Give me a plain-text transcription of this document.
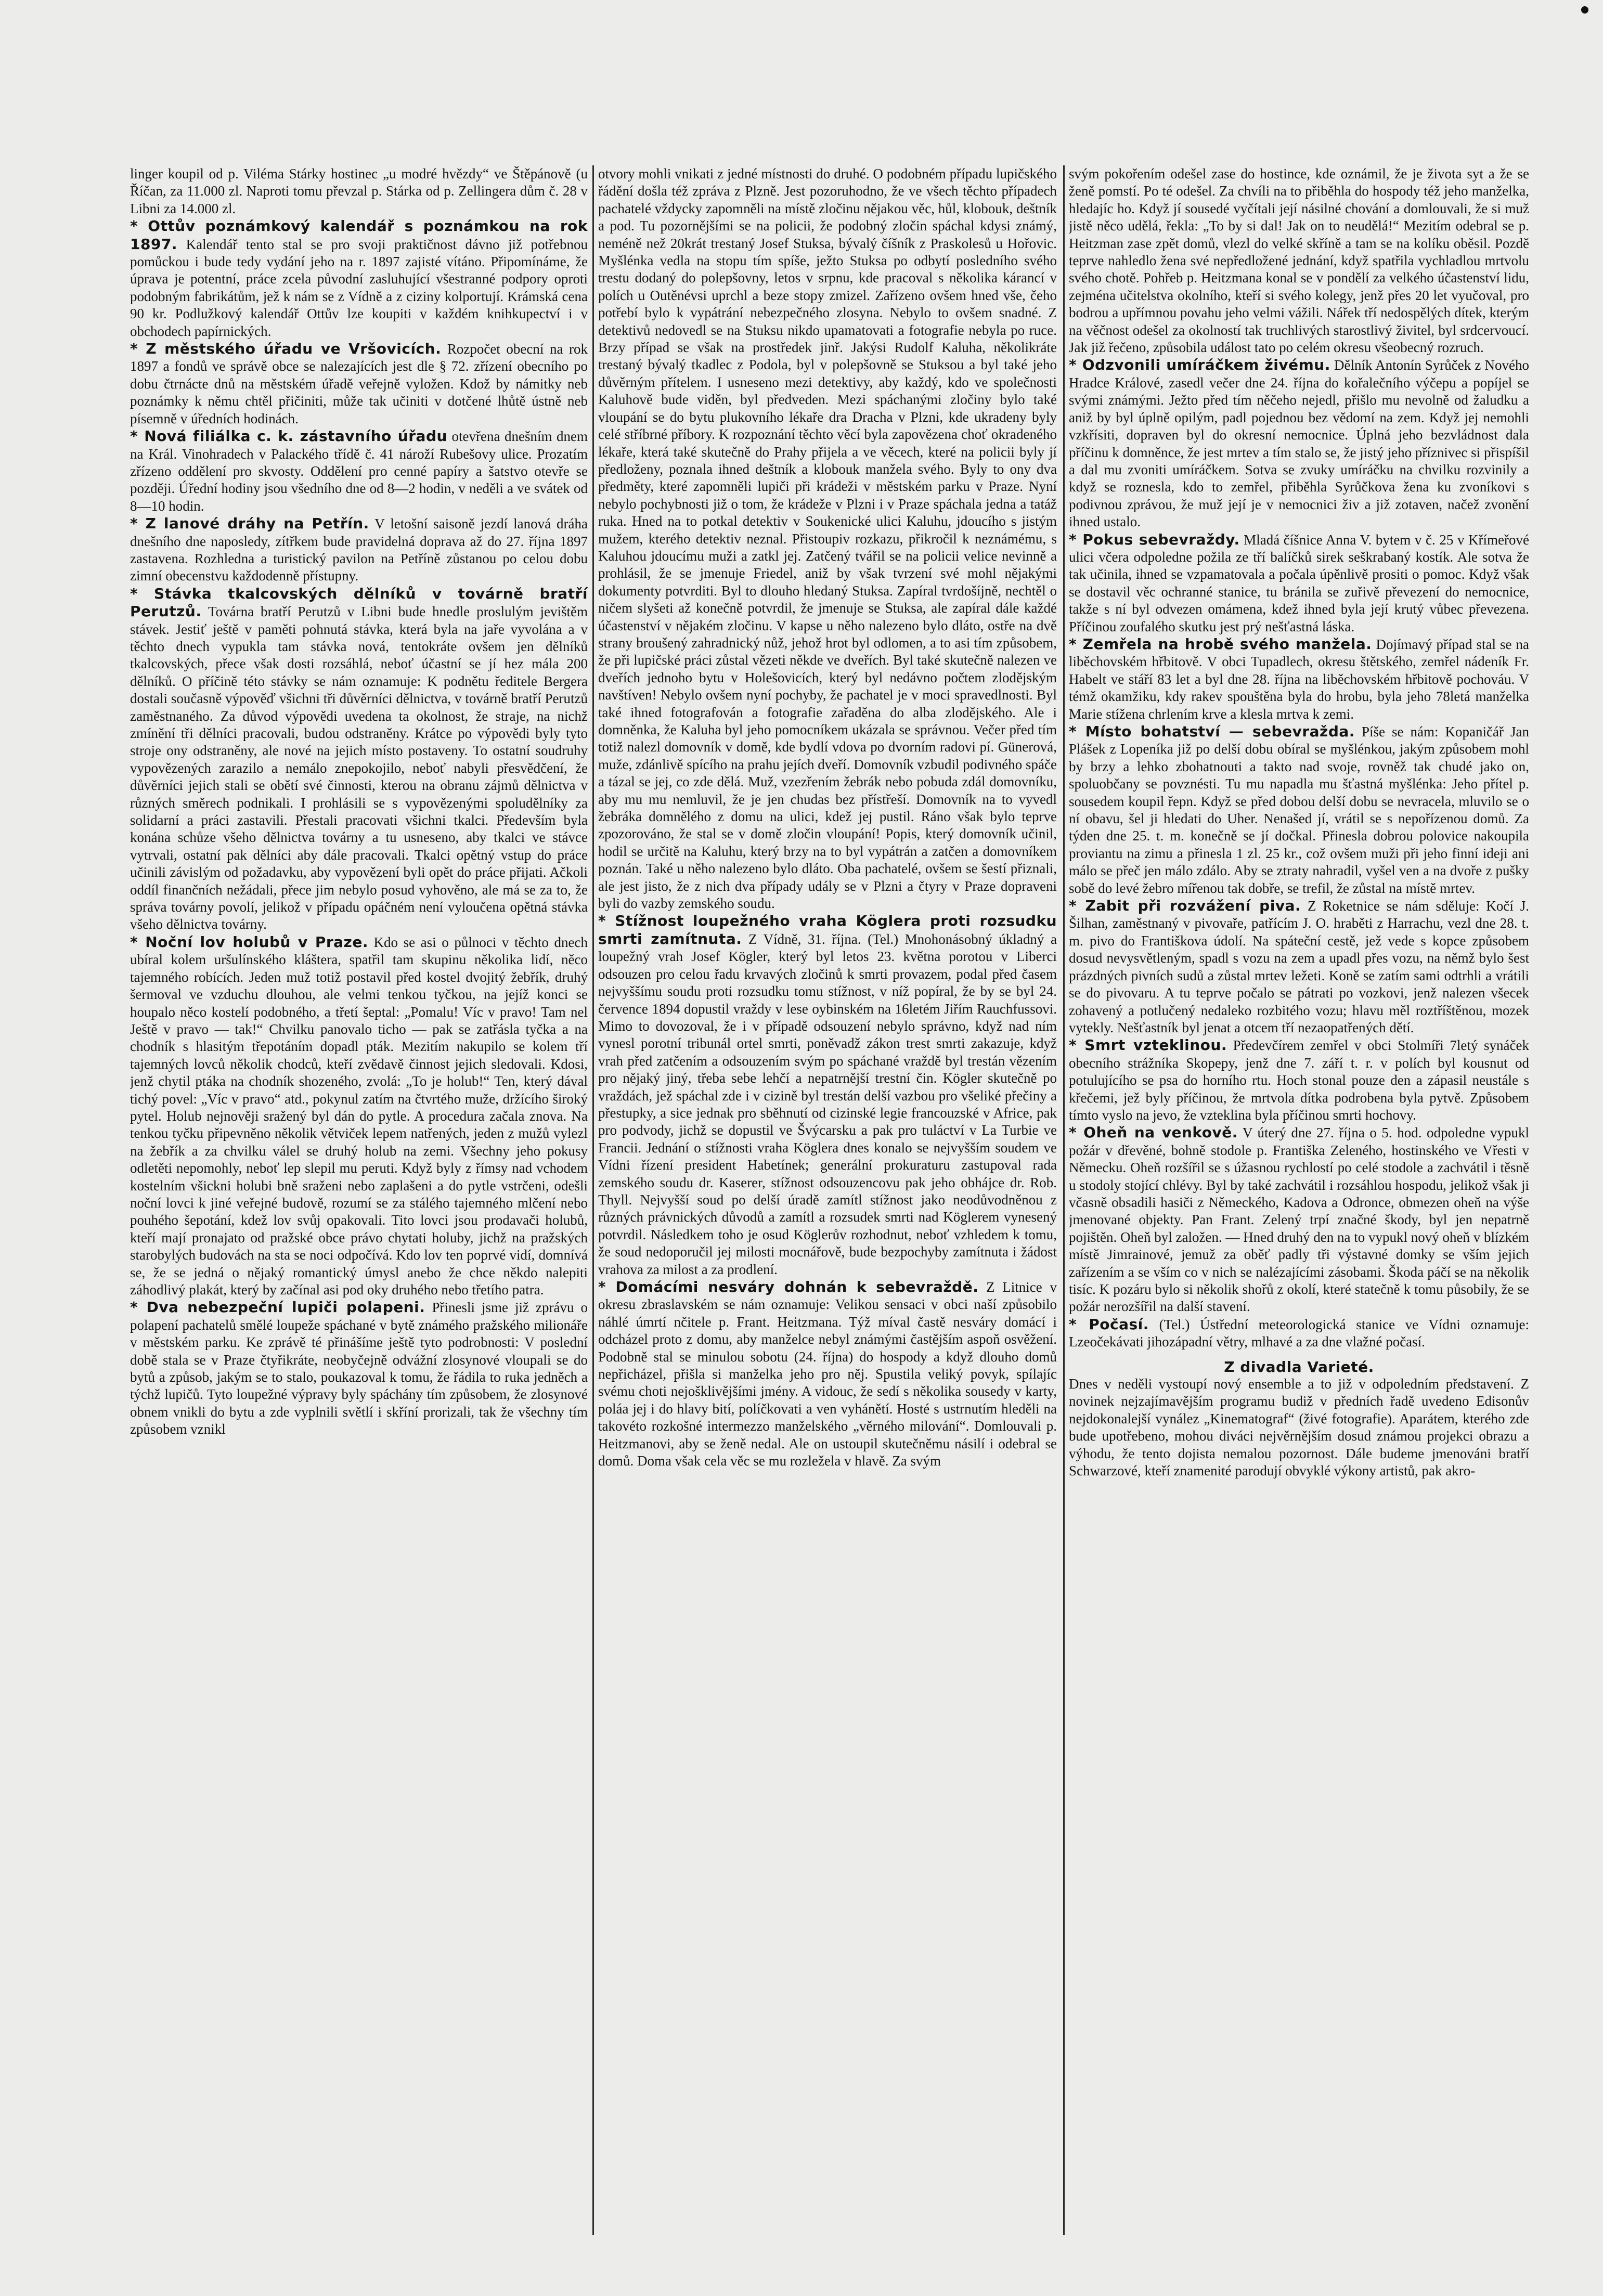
linger koupil od p. Viléma Stárky hostinec „u modré hvězdy“ ve Štěpánově (u Říčan, za 11.000 zl. Naproti tomu převzal p. Stárka od p. Zellingera dům č. 28 v Libni za 14.000 zl.

* Ottův poznámkový kalendář s poznámkou na rok 1897. Kalendář tento stal se pro svoji praktičnost dávno již potřebnou pomůckou i bude tedy vydání jeho na r. 1897 zajisté vítáno. Připomínáme, že úprava je potentní, práce zcela původní zasluhující všestranné podpory oproti podobným fabrikátům, jež k nám se z Vídně a z ciziny kolportují. Krámská cena 90 kr. Podlužkový kalendář Ottův lze koupiti v každém knihkupectví i v obchodech papírnických.

* Z městského úřadu ve Vršovicích. Rozpočet obecní na rok 1897 a fondů ve správě obce se nalezajících jest dle § 72. zřízení obecního po dobu čtrnácte dnů na městském úřadě veřejně vyložen. Kdož by námitky neb poznámky k němu chtěl přičiniti, může tak učiniti v dotčené lhůtě ústně neb písemně v úředních hodinách.

* Nová filiálka c. k. zástavního úřadu otevřena dnešním dnem na Král. Vinohradech v Palackého třídě č. 41 nároží Rubešovy ulice. Prozatím zřízeno oddělení pro skvosty. Oddělení pro cenné papíry a šatstvo otevře se později. Úřední hodiny jsou všedního dne od 8—2 hodin, v neděli a ve svátek od 8—10 hodin.

* Z lanové dráhy na Petřín. V letošní saisoně jezdí lanová dráha dnešního dne naposledy, zítřkem bude pravidelná doprava až do 27. října 1897 zastavena. Rozhledna a turistický pavilon na Petříně zůstanou po celou dobu zimní obecenstvu každodenně přístupny.

* Stávka tkalcovských dělníků v továrně bratří Perutzů. Továrna bratří Perutzů v Libni bude hnedle proslulým jevištěm stávek. Jestiť ještě v paměti pohnutá stávka, která byla na jaře vyvolána a v těchto dnech vypukla tam stávka nová, tentokráte ovšem jen dělníků tkalcovských, přece však dosti rozsáhlá, neboť účastní se jí hez mála 200 dělníků. O příčině této stávky se nám oznamuje: K podnětu ředitele Bergera dostali současně výpověď všichni tři důvěrníci dělnictva, v továrně bratří Perutzů zaměstnaného. Za důvod výpovědi uvedena ta okolnost, že straje, na nichž zmínění tři dělníci pracovali, budou odstraněny. Krátce po výpovědi byly tyto stroje ony odstraněny, ale nové na jejich místo postaveny. To ostatní soudruhy vypovězených zarazilo a nemálo znepokojilo, neboť nabyli přesvědčení, že důvěrníci jejich stali se obětí své činnosti, kterou na obranu zájmů dělnictva v různých směrech podnikali. I prohlásili se s vypovězenými spoludělníky za solidarní a práci zastavili. Přestali pracovati všichni tkalci. Především byla konána schůze všeho dělnictva továrny a tu usneseno, aby tkalci ve stávce vytrvali, ostatní pak dělníci aby dále pracovali. Tkalci opětný vstup do práce učinili závislým od požadavku, aby vypovězení byli opět do práce přijati. Ačkoli oddíl finančních nežádali, přece jim nebylo posud vyhověno, ale má se za to, že správa továrny povolí, jelikož v případu opáčném není vyloučena opětná stávka všeho dělnictva továrny.

* Noční lov holubů v Praze. Kdo se asi o půlnoci v těchto dnech ubíral kolem uršulínského kláštera, spatřil tam skupinu několika lidí, něco tajemného robících. Jeden muž totiž postavil před kostel dvojitý žebřík, druhý šermoval ve vzduchu dlouhou, ale velmi tenkou tyčkou, na jejíž konci se houpalo něco kostelí podobného, a třetí šeptal: „Pomalu! Víc v pravo! Tam nel Ještě v pravo — tak!“ Chvilku panovalo ticho — pak se zatřásla tyčka a na chodník s hlasitým třepotáním dopadl pták. Mezitím nakupilo se kolem tří tajemných lovců několik chodců, kteří zvědavě činnost jejich sledovali. Kdosi, jenž chytil ptáka na chodník shozeného, zvolá: „To je holub!“ Ten, který dával tichý povel: „Víc v pravo“ atd., pokynul zatím na čtvrtého muže, držícího široký pytel. Holub nejnověji sražený byl dán do pytle. A procedura začala znova. Na tenkou tyčku připevněno několik větviček lepem natřených, jeden z mužů vylezl na žebřík a za chvilku válel se druhý holub na zemi. Všechny jeho pokusy odletěti nepomohly, neboť lep slepil mu peruti. Když byly z římsy nad vchodem kostelním všickni holubi bně sraženi nebo zaplašeni a do pytle vstrčeni, odešli noční lovci k jiné veřejné budově, rozumí se za stálého tajemného mlčení nebo pouhého šepotání, kdež lov svůj opakovali. Tito lovci jsou prodavači holubů, kteří mají pronajato od pražské obce právo chytati holuby, jichž na pražských starobylých budovách na sta se noci odpočívá. Kdo lov ten poprvé vidí, domnívá se, že se jedná o nějaký romantický úmysl anebo že chce někdo nalepiti záhodlivý plakát, který by začínal asi pod oky druhého nebo třetího patra.

* Dva nebezpeční lupiči polapeni. Přinesli jsme již zprávu o polapení pachatelů smělé loupeže spáchané v bytě známého pražského milionáře v městském parku. Ke zprávě té přinášíme ještě tyto podrobnosti: V poslední době stala se v Praze čtyřikráte, neobyčejně odvážní zlosynové vloupali se do bytů a způsob, jakým se to stalo, poukazoval k tomu, že řádila to ruka jedněch a týchž lupičů. Tyto loupežné výpravy byly spáchány tím způsobem, že zlosynové obnem vnikli do bytu a zde vyplnili světlí i skříní prorizali, tak že všechny tím způsobem vznikl

otvory mohli vnikati z jedné místnosti do druhé. O podobném případu lupičského řádění došla též zpráva z Plzně. Jest pozoruhodno, že ve všech těchto případech pachatelé vždycky zapomněli na místě zločinu nějakou věc, hůl, klobouk, deštník a pod. Tu pozornějšími se na policii, že podobný zločin spáchal kdysi známý, neméně než 20krát trestaný Josef Stuksa, bývalý číšník z Praskolesů u Hořovic. Myšlénka vedla na stopu tím spíše, ježto Stuksa po odbytí posledního svého trestu dodaný do polepšovny, letos v srpnu, kde pracoval s několika kárancí v polích u Outěnévsi uprchl a beze stopy zmizel. Zařízeno ovšem hned vše, čeho potřebí bylo k vypátrání nebezpečného zlosyna. Nebylo to ovšem snadné. Z detektivů nedovedl se na Stuksu nikdo upamatovati a fotografie nebyla po ruce. Brzy případ se však na prostředek jinř. Jakýsi Rudolf Kaluha, několikráte trestaný bývalý tkadlec z Podola, byl v polepšovně se Stuksou a byl také jeho důvěrným přítelem. I usneseno mezi detektivy, aby každý, kdo ve společnosti Kaluhově bude viděn, byl předveden. Mezi spáchanými zločiny bylo také vloupání se do bytu plukovního lékaře dra Dracha v Plzni, kde ukradeny byly celé stříbrné příbory. K rozpoznání těchto věcí byla zapovězena choť okradeného lékaře, která také skutečně do Prahy přijela a ve věcech, které na policii byly jí předloženy, poznala ihned deštník a klobouk manžela svého. Byly to ony dva předměty, které zapomněli lupiči při krádeži v městském parku v Praze. Nyní nebylo pochybnosti již o tom, že krádeže v Plzni i v Praze spáchala jedna a tatáž ruka. Hned na to potkal detektiv v Soukenické ulici Kaluhu, jdoucího s jistým mužem, kterého detektiv neznal. Přistoupiv rozkazu, přikročil k neznámému, s Kaluhou jdoucímu muži a zatkl jej. Zatčený tvářil se na policii velice nevinně a prohlásil, že se jmenuje Friedel, aniž by však tvrzení své mohl nějakými dokumenty potvrditi. Byl to dlouho hledaný Stuksa. Zapíral tvrdošíjně, nechtěl o ničem slyšeti až konečně potvrdil, že jmenuje se Stuksa, ale zapíral dále každé účastenství v nějakém zločinu. V kapse u něho nalezeno bylo dláto, ostře na dvě strany broušený zahradnický nůž, jehož hrot byl odlomen, a to asi tím způsobem, že při lupičské práci zůstal vězeti někde ve dveřích. Byl také skutečně nalezen ve dveřích jednoho bytu v Holešovicích, který byl nedávno počtem zlodějským navštíven! Nebylo ovšem nyní pochyby, že pachatel je v moci spravedlnosti. Byl také ihned fotografován a fotografie zařaděna do alba zlodějského. Ale i domněnka, že Kaluha byl jeho pomocníkem ukázala se správnou. Večer před tím totiž nalezl domovník v domě, kde bydlí vdova po dvorním radovi pí. Günerová, muže, zdánlivě spícího na prahu jejích dveří. Domovník vzbudil podivného spáče a tázal se jej, co zde dělá. Muž, vzezřením žebrák nebo pobuda zdál domovníku, aby mu mu nemluvil, že je jen chudas bez přístřeší. Domovník na to vyvedl žebráka domnělého z domu na ulici, kdež jej pustil. Ráno však bylo teprve zpozorováno, že stal se v domě zločin vloupání! Popis, který domovník učinil, hodil se určitě na Kaluhu, který brzy na to byl vypátrán a zatčen a domovníkem poznán. Také u něho nalezeno bylo dláto. Oba pachatelé, ovšem se šestí přiznali, ale jest jisto, že z nich dva případy udály se v Plzni a čtyry v Praze dopraveni byli do vazby zemského soudu.

* Stížnost loupežného vraha Köglera proti rozsudku smrti zamítnuta. Z Vídně, 31. října. (Tel.) Mnohonásobný úkladný a loupežný vrah Josef Kögler, který byl letos 23. května porotou v Liberci odsouzen pro celou řadu krvavých zločinů k smrti provazem, podal před časem nejvyššímu soudu proti rozsudku tomu stížnost, v níž popíral, že by se byl 24. července 1894 dopustil vraždy v lese oybinském na 16letém Jiřím Rauchfussovi. Mimo to dovozoval, že i v případě odsouzení nebylo správno, když nad ním vynesl porotní tribunál ortel smrti, poněvadž zákon trest smrti zakazuje, když vrah před zatčením a odsouzením svým po spáchané vraždě byl trestán vězením pro nějaký jiný, třeba sebe lehčí a nepatrnější trestní čin. Kögler skutečně po vraždách, jež spáchal zde i v cizině byl trestán delší vazbou pro všeliké přečiny a přestupky, a sice jednak pro sběhnutí od cizinské legie francouzské v Africe, pak pro podvody, jichž se dopustil ve Švýcarsku a pak pro tuláctví v La Turbie ve Francii. Jednání o stížnosti vraha Köglera dnes konalo se nejvyšším soudem ve Vídni řízení president Habetínek; generální prokuraturu zastupoval rada zemského soudu dr. Kaserer, stížnost odsouzencovu pak jeho obhájce dr. Rob. Thyll. Nejvyšší soud po delší úradě zamítl stížnost jako neodůvodněnou z různých právnických důvodů a zamítl a rozsudek smrti nad Köglerem vynesený potvrdil. Následkem toho je osud Köglerův rozhodnut, neboť vzhledem k tomu, že soud nedoporučil jej milosti mocnářově, bude bezpochyby zamítnuta i žádost vrahova za milost a za prodlení.

* Domácími nesváry dohnán k sebevraždě. Z Litnice v okresu zbraslavském se nám oznamuje: Velikou sensaci v obci naší způsobilo náhlé úmrtí nčitele p. Frant. Heitzmana. Týž míval častě nesváry domácí i odcházel proto z domu, aby manželce nebyl známými častějším aspoň osvěžení. Podobně stal se minulou sobotu (24. října) do hospody a když dlouho domů nepřicházel, přišla si manželka jeho pro něj. Spustila veliký povyk, spílajíc svému choti nejošklivějšími jmény. A vidouc, že sedí s několika sousedy v karty, poláa jej i do hlavy bití, políčkovati a ven vyhánětí. Hosté s ustrnutím hleděli na takovéto rozkošné intermezzo manželského „věrného milování“. Domlouvali p. Heitzmanovi, aby se ženě nedal. Ale on ustoupil skutečněmu násilí i odebral se domů. Doma však cela věc se mu rozležela v hlavě. Za svým

svým pokořením odešel zase do hostince, kde oznámil, že je života syt a že se ženě pomstí. Po té odešel. Za chvíli na to přiběhla do hospody též jeho manželka, hledajíc ho. Když jí sousedé vyčítali její násilné chování a domlouvali, že si muž jistě něco udělá, řekla: „To by si dal! Jak on to neudělá!“ Mezitím odebral se p. Heitzman zase zpět domů, vlezl do velké skříně a tam se na kolíku oběsil. Pozdě teprve nahledlo žena své nepředložené jednání, když spatřila vychladlou mrtvolu svého chotě. Pohřeb p. Heitzmana konal se v pondělí za velkého účastenství lidu, zejména učitelstva okolního, kteří si svého kolegy, jenž přes 20 let vyučoval, pro bodrou a upřímnou povahu jeho velmi vážili. Nářek tří nedospělých dítek, kterým na věčnost odešel za okolností tak truchlivých starostlivý živitel, byl srdcervoucí. Jak již řečeno, způsobila událost tato po celém okresu všeobecný rozruch.

* Odzvonili umíráčkem živému. Dělník Antonín Syrůček z Nového Hradce Králové, zasedl večer dne 24. října do kořalečního výčepu a popíjel se svými známými. Ježto před tím něčeho nejedl, přišlo mu nevolně od žaludku a aniž by byl úplně opilým, padl pojednou bez vědomí na zem. Když jej nemohli vzkřísiti, dopraven byl do okresní nemocnice. Úplná jeho bezvládnost dala příčinu k domněnce, že jest mrtev a tím stalo se, že jistý jeho příznivec si přispíšil a dal mu zvoniti umíráčkem. Sotva se zvuky umíráčku na chvilku rozvinily a když se roznesla, kdo to zemřel, přiběhla Syrůčkova žena ku zvoníkovi s podivnou zprávou, že muž její je v nemocnici živ a již zotaven, načež zvonění ihned ustalo.

* Pokus sebevraždy. Mladá číšnice Anna V. bytem v č. 25 v Křímeřové ulici včera odpoledne požila ze tří balíčků sirek seškrabaný kostík. Ale sotva že tak učinila, ihned se vzpamatovala a počala úpěnlivě prositi o pomoc. Když však se dostavil věc ochranné stanice, tu bránila se zuřivě převezení do nemocnice, takže s ní byl odvezen omámena, kdež ihned byla její krutý vůbec převezena. Příčinou zoufalého skutku jest prý nešťastná láska.

* Zemřela na hrobě svého manžela. Dojímavý případ stal se na liběchovském hřbitově. V obci Tupadlech, okresu štětského, zemřel nádeník Fr. Habelt ve stáří 83 let a byl dne 28. října na liběchovském hřbitově pochováu. V témž okamžiku, kdy rakev spouštěna byla do hrobu, byla jeho 78letá manželka Marie stížena chrlením krve a klesla mrtva k zemi.

* Místo bohatství — sebevražda. Píše se nám: Kopaničář Jan Plášek z Lopeníka již po delší dobu obíral se myšlénkou, jakým způsobem mohl by brzy a lehko zbohatnouti a takto nad svoje, rovněž tak chudé jako on, spoluobčany se povznésti. Tu mu napadla mu šťastná myšlénka: Jeho přítel p. sousedem koupil řepn. Když se před dobou delší dobu se nevracela, mluvilo se o ní obavu, šel ji hledati do Uher. Nenašed jí, vrátil se s nepořízenou domů. Za týden dne 25. t. m. konečně se jí dočkal. Přinesla dobrou polovice nakoupila proviantu na zimu a přinesla 1 zl. 25 kr., což ovšem muži při jeho finní ideji ani málo se přeč jen málo zdálo. Aby se ztraty nahradil, vyšel ven a na dvoře z pušky sobě do levé žebro mířenou tak dobře, se trefil, že zůstal na místě mrtev.

* Zabit při rozvážení piva. Z Roketnice se nám sděluje: Kočí J. Šilhan, zaměstnaný v pivovaře, patřícím J. O. hraběti z Harrachu, vezl dne 28. t. m. pivo do Františkova údolí. Na spáteční cestě, jež vede s kopce způsobem dosud nevysvětleným, spadl s vozu na zem a upadl přes vozu, na němž bylo šest prázdných pivních sudů a zůstal mrtev ležeti. Koně se zatím sami odtrhli a vrátili se do pivovaru. A tu teprve počalo se pátrati po vozkovi, jenž nalezen všecek zohavený a potlučený nedaleko rozbitého vozu; hlavu měl roztříštěnou, mozek vytekly. Nešťastník byl jenat a otcem tří nezaopatřených dětí.

* Smrt vzteklinou. Předevčírem zemřel v obci Stolmíři 7letý synáček obecního strážníka Skopepy, jenž dne 7. září t. r. v polích byl kousnut od potulujícího se psa do horního rtu. Hoch stonal pouze den a zápasil neustále s křečemi, jež byly příčinou, že mrtvola dítka podrobena byla pytvě. Způsobem tímto vyslo na jevo, že vzteklina byla příčinou smrti hochovy.

* Oheň na venkově. V úterý dne 27. října o 5. hod. odpoledne vypukl požár v dřevěné, bohně stodole p. Františka Zeleného, hostinského ve Vřesti v Německu. Oheň rozšířil se s úžasnou rychlostí po celé stodole a zachvátil i těsně u stodoly stojící chlévy. Byl by také zachvátil i rozsáhlou hospodu, jelikož však ji včasně obsadili hasiči z Německého, Kadova a Odronce, obmezen oheň na výše jmenované objekty. Pan Frant. Zelený trpí značné škody, byl jen nepatrně pojištěn. Oheň byl založen. — Hned druhý den na to vypukl nový oheň v blízkém místě Jimrainové, jemuž za oběť padly tři výstavné domky se vším jejich zařízením a se vším co v nich se nalézajícími zásobami. Škoda páčí se na několik tisíc. K pozáru bylo si několik shořů z okolí, které statečně k tomu působily, že se požár nerozšířil na další stavení.

* Počasí. (Tel.) Ústřední meteorologická stanice ve Vídni oznamuje: Lzeočekávati jihozápadní větry, mlhavé a za dne vlažné počasí.

Z divadla Varieté.

Dnes v neděli vystoupí nový ensemble a to již v odpoledním představení. Z novinek nejzajímavějším programu budiž v předních řadě uvedeno Edisonův nejdokonalejší vynález „Kinematograf“ (živé fotografie). Aparátem, kterého zde bude upotřebeno, mohou diváci nejvěrnějším dosud známou projekci obrazu a výhodu, že tento dojista nemalou pozornost. Dále budeme jmenováni bratří Schwarzové, kteří znamenité parodují obvyklé výkony artistů, pak akro-
